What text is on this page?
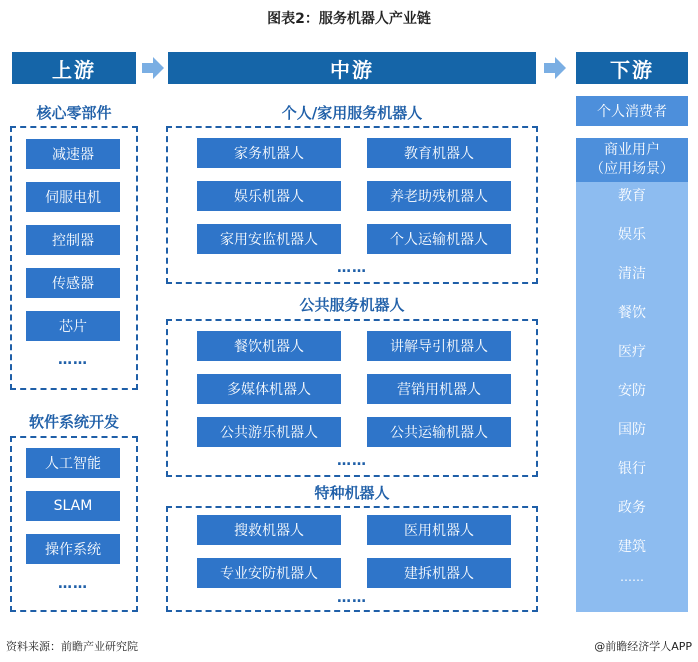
图表2：服务机器人产业链
上游	中游	下游
核心零部件
减速器
伺服电机
控制器
传感器
芯片
……
软件系统开发
人工智能
SLAM
操作系统
……
个人/家用服务机器人
家务机器人	教育机器人
娱乐机器人	养老助残机器人
家用安监机器人	个人运输机器人
……
公共服务机器人
餐饮机器人	讲解导引机器人
多媒体机器人	营销用机器人
公共游乐机器人	公共运输机器人
……
特种机器人
搜救机器人	医用机器人
专业安防机器人	建拆机器人
……
个人消费者
商业用户
（应用场景）
教育
娱乐
清洁
餐饮
医疗
安防
国防
银行
政务
建筑
……
资料来源：前瞻产业研究院	@前瞻经济学人APP
